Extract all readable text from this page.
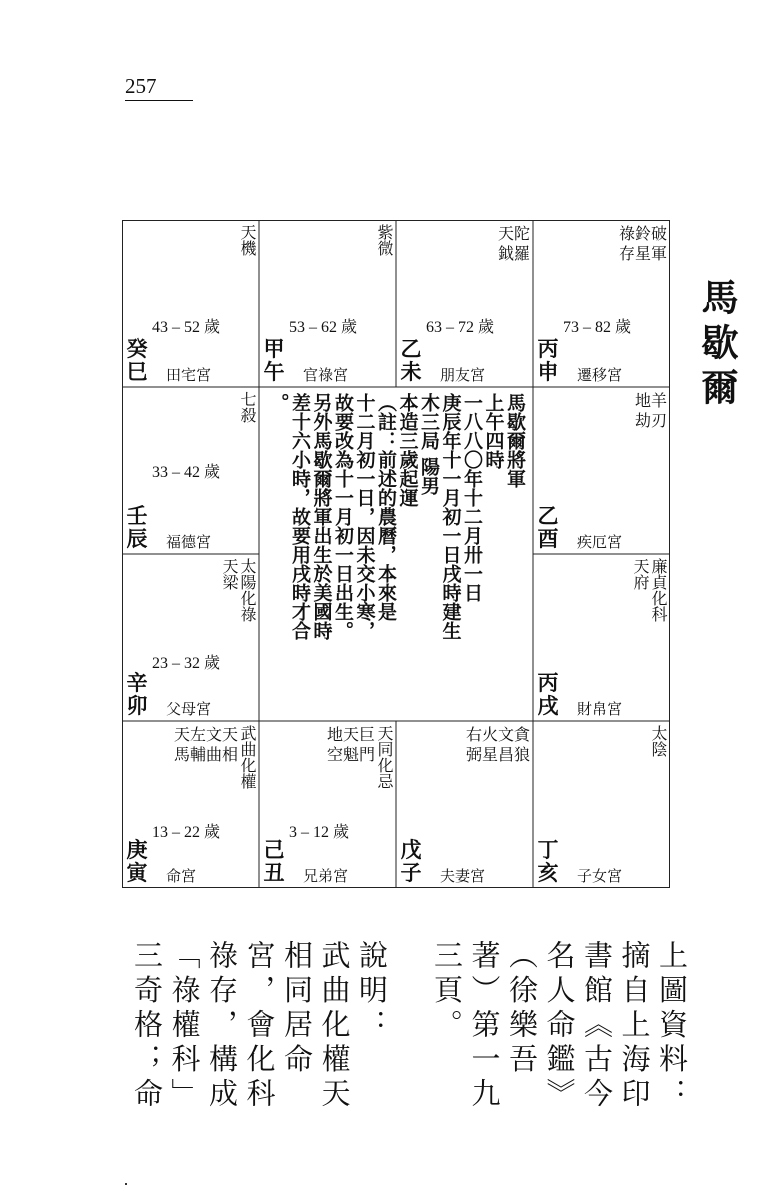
257
天機
43 – 52 歲
癸巳 田宅宮
紫微
53 – 62 歲
甲午 官祿宮
天陀
鉞羅
63 – 72 歲
乙未 朋友宮
祿鈴破
存星軍
73 – 82 歲
丙申 遷移宮
七殺
33 – 42 歲
壬辰 福德宮
地羊
劫刃
乙酉 疾厄宮
太陽化祿
天梁
23 – 32 歲
辛卯 父母宮
廉貞化科
天府
丙戌 財帛宮
武曲化權
天左文天
馬輔曲相
13 – 22 歲
庚寅 命宮
天同化忌
地天巨
空魁門
3 – 12 歲
己丑 兄弟宮
右火文貪
弼星昌狼
戊子 夫妻宮
太陰
丁亥 子女宮
馬歇爾將軍
上午四時
一八八〇年十二月卅一日
庚辰年十一月初一日戌時建生
木三局 陽男
本造三歲起運
（註：前述的農曆，本來是
十二月初一日，因未交小寒，
故要改為十一月初一日出生。
另外馬歇爾將軍出生於美國時
差十六小時，故要用戌時才合
。	馬歇爾
上圖資料：
摘自上海印
書館《古今
名人命鑑》
（徐樂吾
著）第一九
三頁。

說明：
武曲化權天
相同居命
宮，會化科
祿存，構成
「祿權科」
三奇格；命
